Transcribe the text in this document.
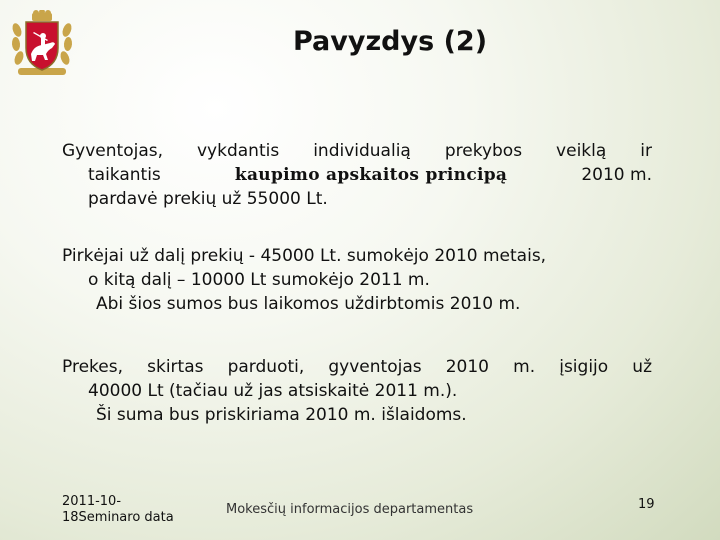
Pavyzdys (2)
Gyventojas, vykdantis individualią prekybos veiklą ir
taikantis	kaupimo apskaitos principą	2010 m.
pardavė prekių už 55000 Lt.
Pirkėjai už dalį prekių - 45000 Lt. sumokėjo 2010 metais,
o kitą dalį – 10000 Lt sumokėjo 2011 m.
Abi šios sumos bus laikomos uždirbtomis 2010 m.
Prekes, skirtas parduoti, gyventojas 2010 m. įsigijo už
40000 Lt (tačiau už jas atsiskaitė 2011 m.).
Ši suma bus priskiriama 2010 m. išlaidoms.
2011-10-
18Seminaro data
Mokesčių informacijos departamentas	19
